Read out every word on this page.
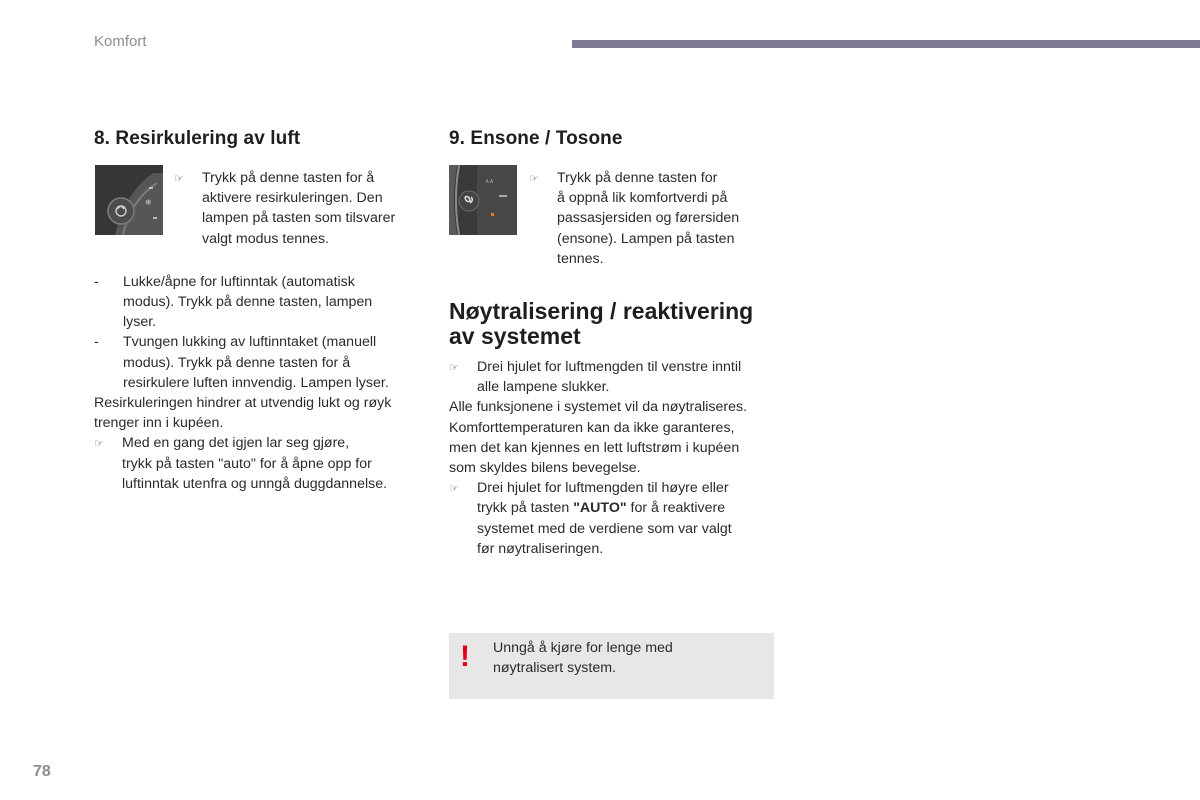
Komfort
8. Resirkulering av luft
☞	Trykk på denne tasten for å
aktivere resirkuleringen. Den
lampen på tasten som tilsvarer
valgt modus tennes.
-	Lukke/åpne for luftinntak (automatisk
modus). Trykk på denne tasten, lampen
lyser.
-	Tvungen lukking av luftinntaket (manuell
modus). Trykk på denne tasten for å
resirkulere luften innvendig. Lampen lyser.
Resirkuleringen hindrer at utvendig lukt og røyk
trenger inn i kupéen.
☞	Med en gang det igjen lar seg gjøre,
trykk på tasten "auto" for å åpne opp for
luftinntak utenfra og unngå duggdannelse.
❄
9. Ensone / Tosone
☞	Trykk på denne tasten for
å oppnå lik komfortverdi på
passasjersiden og førersiden
(ensone). Lampen på tasten
tennes.
Nøytralisering / reaktivering
av systemet
☞	Drei hjulet for luftmengden til venstre inntil
alle lampene slukker.
Alle funksjonene i systemet vil da nøytraliseres.
Komforttemperaturen kan da ikke garanteres,
men det kan kjennes en lett luftstrøm i kupéen
som skyldes bilens bevegelse.
☞	Drei hjulet for luftmengden til høyre eller
trykk på tasten "AUTO" for å reaktivere
systemet med de verdiene som var valgt
før nøytraliseringen.
∧∧
! Unngå å kjøre for lenge med
nøytralisert system.
78
